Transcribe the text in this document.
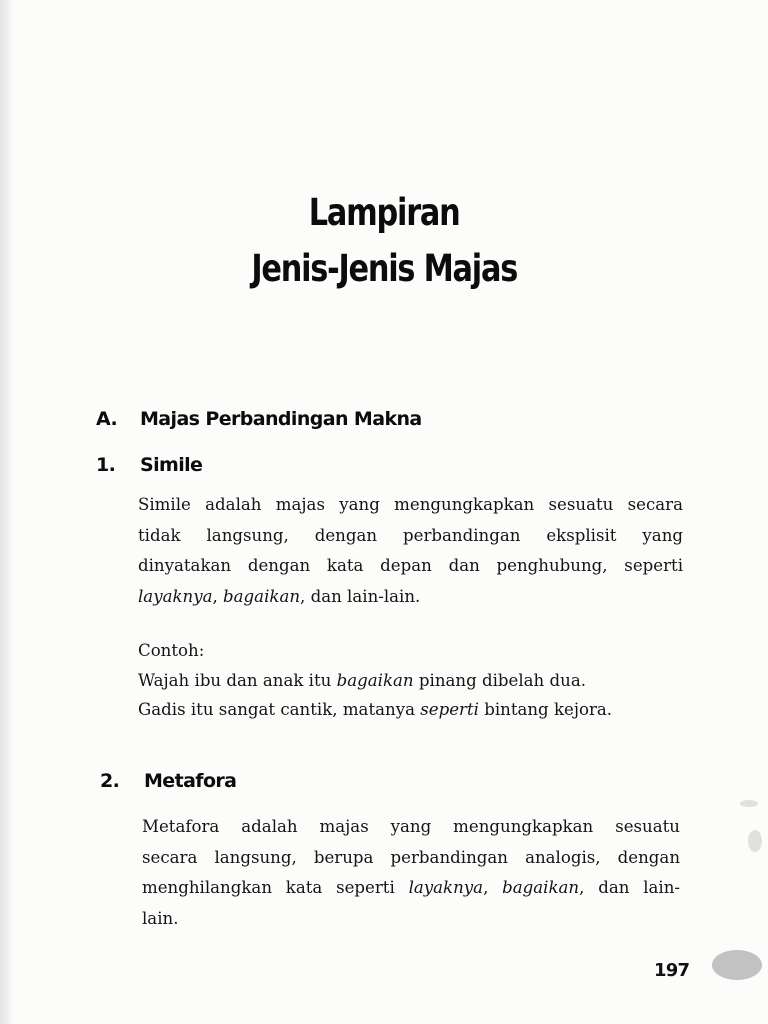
Lampiran
Jenis-Jenis Majas
A. Majas Perbandingan Makna
1. Simile
Simile adalah majas yang mengungkapkan sesuatu secara
tidak langsung, dengan perbandingan eksplisit yang
dinyatakan dengan kata depan dan penghubung, seperti
layaknya, bagaikan, dan lain-lain.
Contoh:
Wajah ibu dan anak itu bagaikan pinang dibelah dua.
Gadis itu sangat cantik, matanya seperti bintang kejora.
2. Metafora
Metafora adalah majas yang mengungkapkan sesuatu
secara langsung, berupa perbandingan analogis, dengan
menghilangkan kata seperti layaknya, bagaikan, dan lain-
lain.
197
